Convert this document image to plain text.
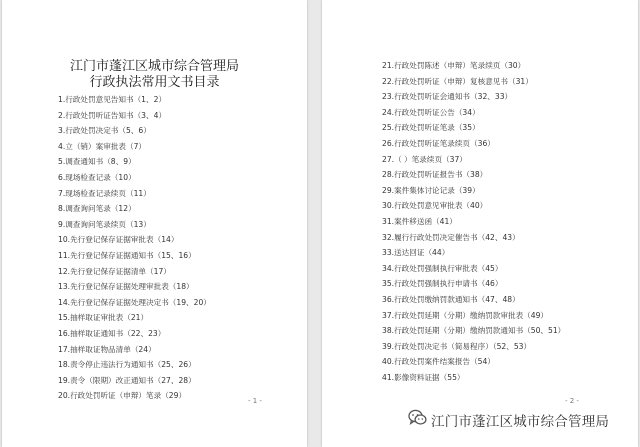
江门市蓬江区城市综合管理局
行政执法常用文书目录
1.行政处罚意见告知书（1、2）
2.行政处罚听证告知书（3、4）
3.行政处罚决定书（5、6）
4.立（销）案审批表（7）
5.调查通知书（8、9）
6.现场检查记录（10）
7.现场检查记录续页（11）
8.调查询问笔录（12）
9.调查询问笔录续页（13）
10.先行登记保存证据审批表（14）
11.先行登记保存证据通知书（15、16）
12.先行登记保存证据清单（17）
13.先行登记保存证据处理审批表（18）
14.先行登记保存证据处理决定书（19、20）
15.抽样取证审批表（21）
16.抽样取证通知书（22、23）
17.抽样取证物品清单（24）
18.责令停止违法行为通知书（25、26）
19.责令（限期）改正通知书（27、28）
20.行政处罚听证（申辩）笔录（29）
- 1 -
21.行政处罚陈述（申辩）笔录续页（30）
22.行政处罚听证（申辩）复核意见书（31）
23.行政处罚听证会通知书（32、33）
24.行政处罚听证公告（34）
25.行政处罚听证笔录（35）
26.行政处罚听证笔录续页（36）
27.（ ）笔录续页（37）
28.行政处罚听证报告书（38）
29.案件集体讨论记录（39）
30.行政处罚意见审批表（40）
31.案件移送函（41）
32.履行行政处罚决定催告书（42、43）
33.送达回证（44）
34.行政处罚强制执行审批表（45）
35.行政处罚强制执行申请书（46）
36.行政处罚缴纳罚款通知书（47、48）
37.行政处罚延期（分期）缴纳罚款审批表（49）
38.行政处罚延期（分期）缴纳罚款通知书（50、51）
39.行政处罚决定书（简易程序）（52、53）
40.行政处罚案件结案报告（54）
41.影像资料证据（55）
- 2 -
江门市蓬江区城市综合管理局
